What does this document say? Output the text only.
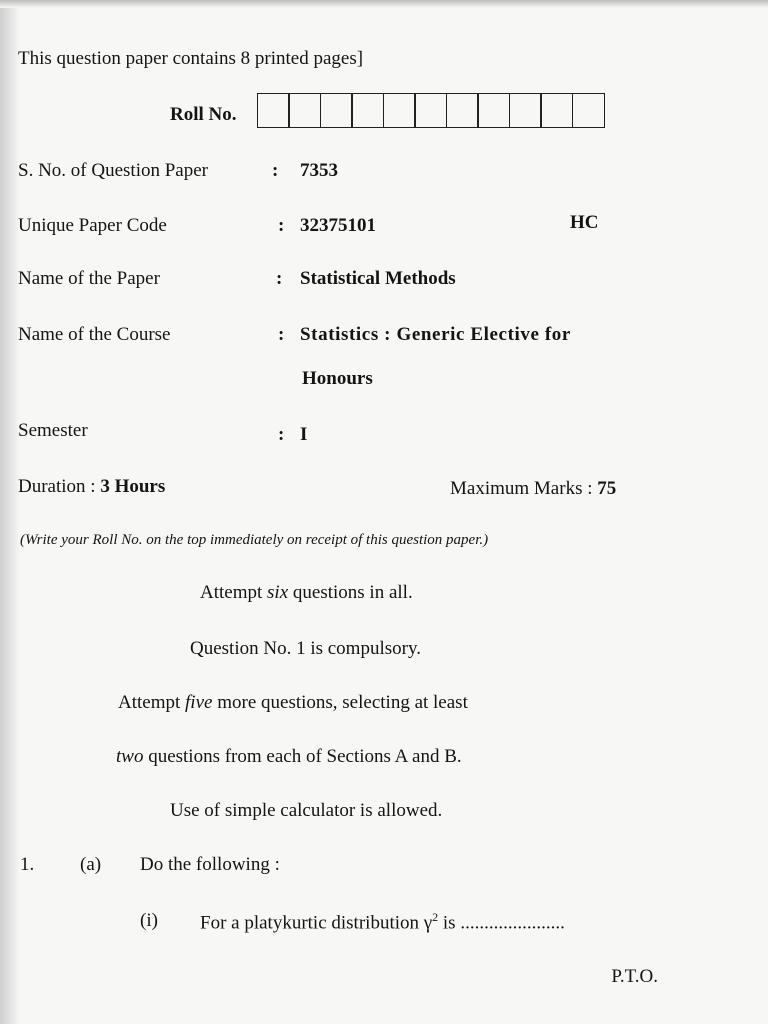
This question paper contains 8 printed pages]
Roll No.
S. No. of Question Paper	: 7353
Unique Paper Code	: 32375101	HC
Name of the Paper	: Statistical Methods
Name of the Course	: Statistics : Generic Elective for
Honours
Semester	: I
Duration : 3 Hours	Maximum Marks : 75
(Write your Roll No. on the top immediately on receipt of this question paper.)
Attempt six questions in all.
Question No. 1 is compulsory.
Attempt five more questions, selecting at least
two questions from each of Sections A and B.
Use of simple calculator is allowed.
1. (a) Do the following :
(i) For a platykurtic distribution $\gamma^2$ is ......................
P.T.O.
